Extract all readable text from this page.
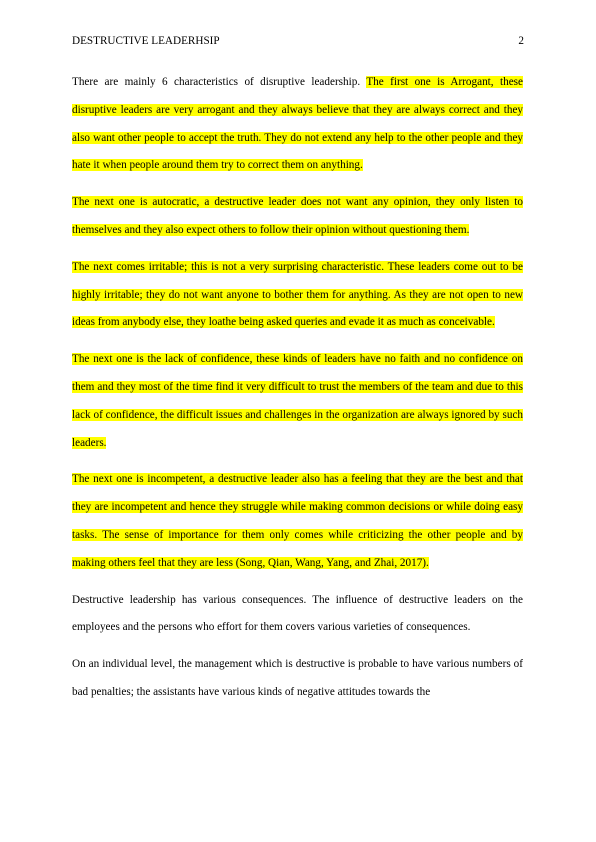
DESTRUCTIVE LEADERHSIP	2

There are mainly 6 characteristics of disruptive leadership. The first one is Arrogant, these disruptive leaders are very arrogant and they always believe that they are always correct and they also want other people to accept the truth. They do not extend any help to the other people and they hate it when people around them try to correct them on anything.

The next one is autocratic, a destructive leader does not want any opinion, they only listen to themselves and they also expect others to follow their opinion without questioning them.

The next comes irritable; this is not a very surprising characteristic. These leaders come out to be highly irritable; they do not want anyone to bother them for anything. As they are not open to new ideas from anybody else, they loathe being asked queries and evade it as much as conceivable.

The next one is the lack of confidence, these kinds of leaders have no faith and no confidence on them and they most of the time find it very difficult to trust the members of the team and due to this lack of confidence, the difficult issues and challenges in the organization are always ignored by such leaders.

The next one is incompetent, a destructive leader also has a feeling that they are the best and that they are incompetent and hence they struggle while making common decisions or while doing easy tasks. The sense of importance for them only comes while criticizing the other people and by making others feel that they are less (Song, Qian, Wang, Yang, and Zhai, 2017).

Destructive leadership has various consequences. The influence of destructive leaders on the employees and the persons who effort for them covers various varieties of consequences.

On an individual level, the management which is destructive is probable to have various numbers of bad penalties; the assistants have various kinds of negative attitudes towards the
